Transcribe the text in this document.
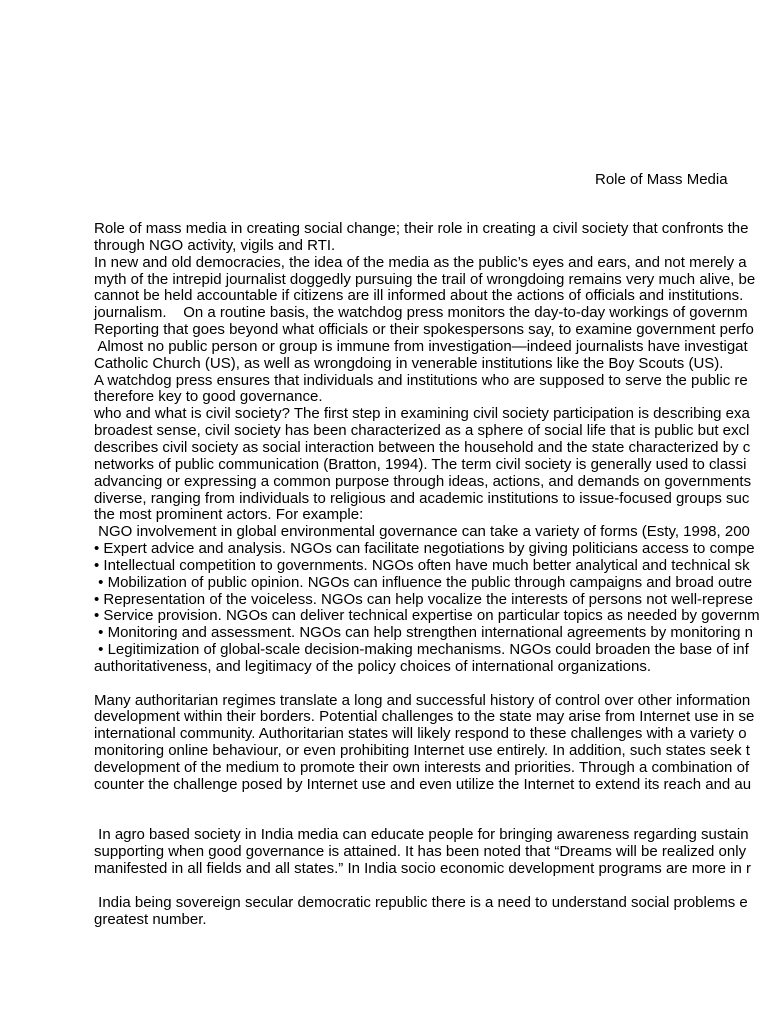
Role of Mass Media
Role of mass media in creating social change; their role in creating a civil society that confronts the
through NGO activity, vigils and RTI.
In new and old democracies, the idea of the media as the public’s eyes and ears, and not merely a
myth of the intrepid journalist doggedly pursuing the trail of wrongdoing remains very much alive, be
cannot be held accountable if citizens are ill informed about the actions of officials and institutions.
journalism.    On a routine basis, the watchdog press monitors the day-to-day workings of governm
Reporting that goes beyond what officials or their spokespersons say, to examine government perfo
Almost no public person or group is immune from investigation—indeed journalists have investigat
Catholic Church (US), as well as wrongdoing in venerable institutions like the Boy Scouts (US).
A watchdog press ensures that individuals and institutions who are supposed to serve the public re
therefore key to good governance.
who and what is civil society? The first step in examining civil society participation is describing exa
broadest sense, civil society has been characterized as a sphere of social life that is public but excl
describes civil society as social interaction between the household and the state characterized by c
networks of public communication (Bratton, 1994). The term civil society is generally used to classi
advancing or expressing a common purpose through ideas, actions, and demands on governments
diverse, ranging from individuals to religious and academic institutions to issue-focused groups suc
the most prominent actors. For example:
NGO involvement in global environmental governance can take a variety of forms (Esty, 1998, 200
• Expert advice and analysis. NGOs can facilitate negotiations by giving politicians access to compe
• Intellectual competition to governments. NGOs often have much better analytical and technical sk
• Mobilization of public opinion. NGOs can influence the public through campaigns and broad outre
• Representation of the voiceless. NGOs can help vocalize the interests of persons not well-represe
• Service provision. NGOs can deliver technical expertise on particular topics as needed by governm
• Monitoring and assessment. NGOs can help strengthen international agreements by monitoring n
• Legitimization of global-scale decision-making mechanisms. NGOs could broaden the base of inf
authoritativeness, and legitimacy of the policy choices of international organizations.
Many authoritarian regimes translate a long and successful history of control over other information
development within their borders. Potential challenges to the state may arise from Internet use in se
international community. Authoritarian states will likely respond to these challenges with a variety o
monitoring online behaviour, or even prohibiting Internet use entirely. In addition, such states seek t
development of the medium to promote their own interests and priorities. Through a combination of
counter the challenge posed by Internet use and even utilize the Internet to extend its reach and au
In agro based society in India media can educate people for bringing awareness regarding sustain
supporting when good governance is attained. It has been noted that “Dreams will be realized only
manifested in all fields and all states.” In India socio economic development programs are more in r
India being sovereign secular democratic republic there is a need to understand social problems e
greatest number.
